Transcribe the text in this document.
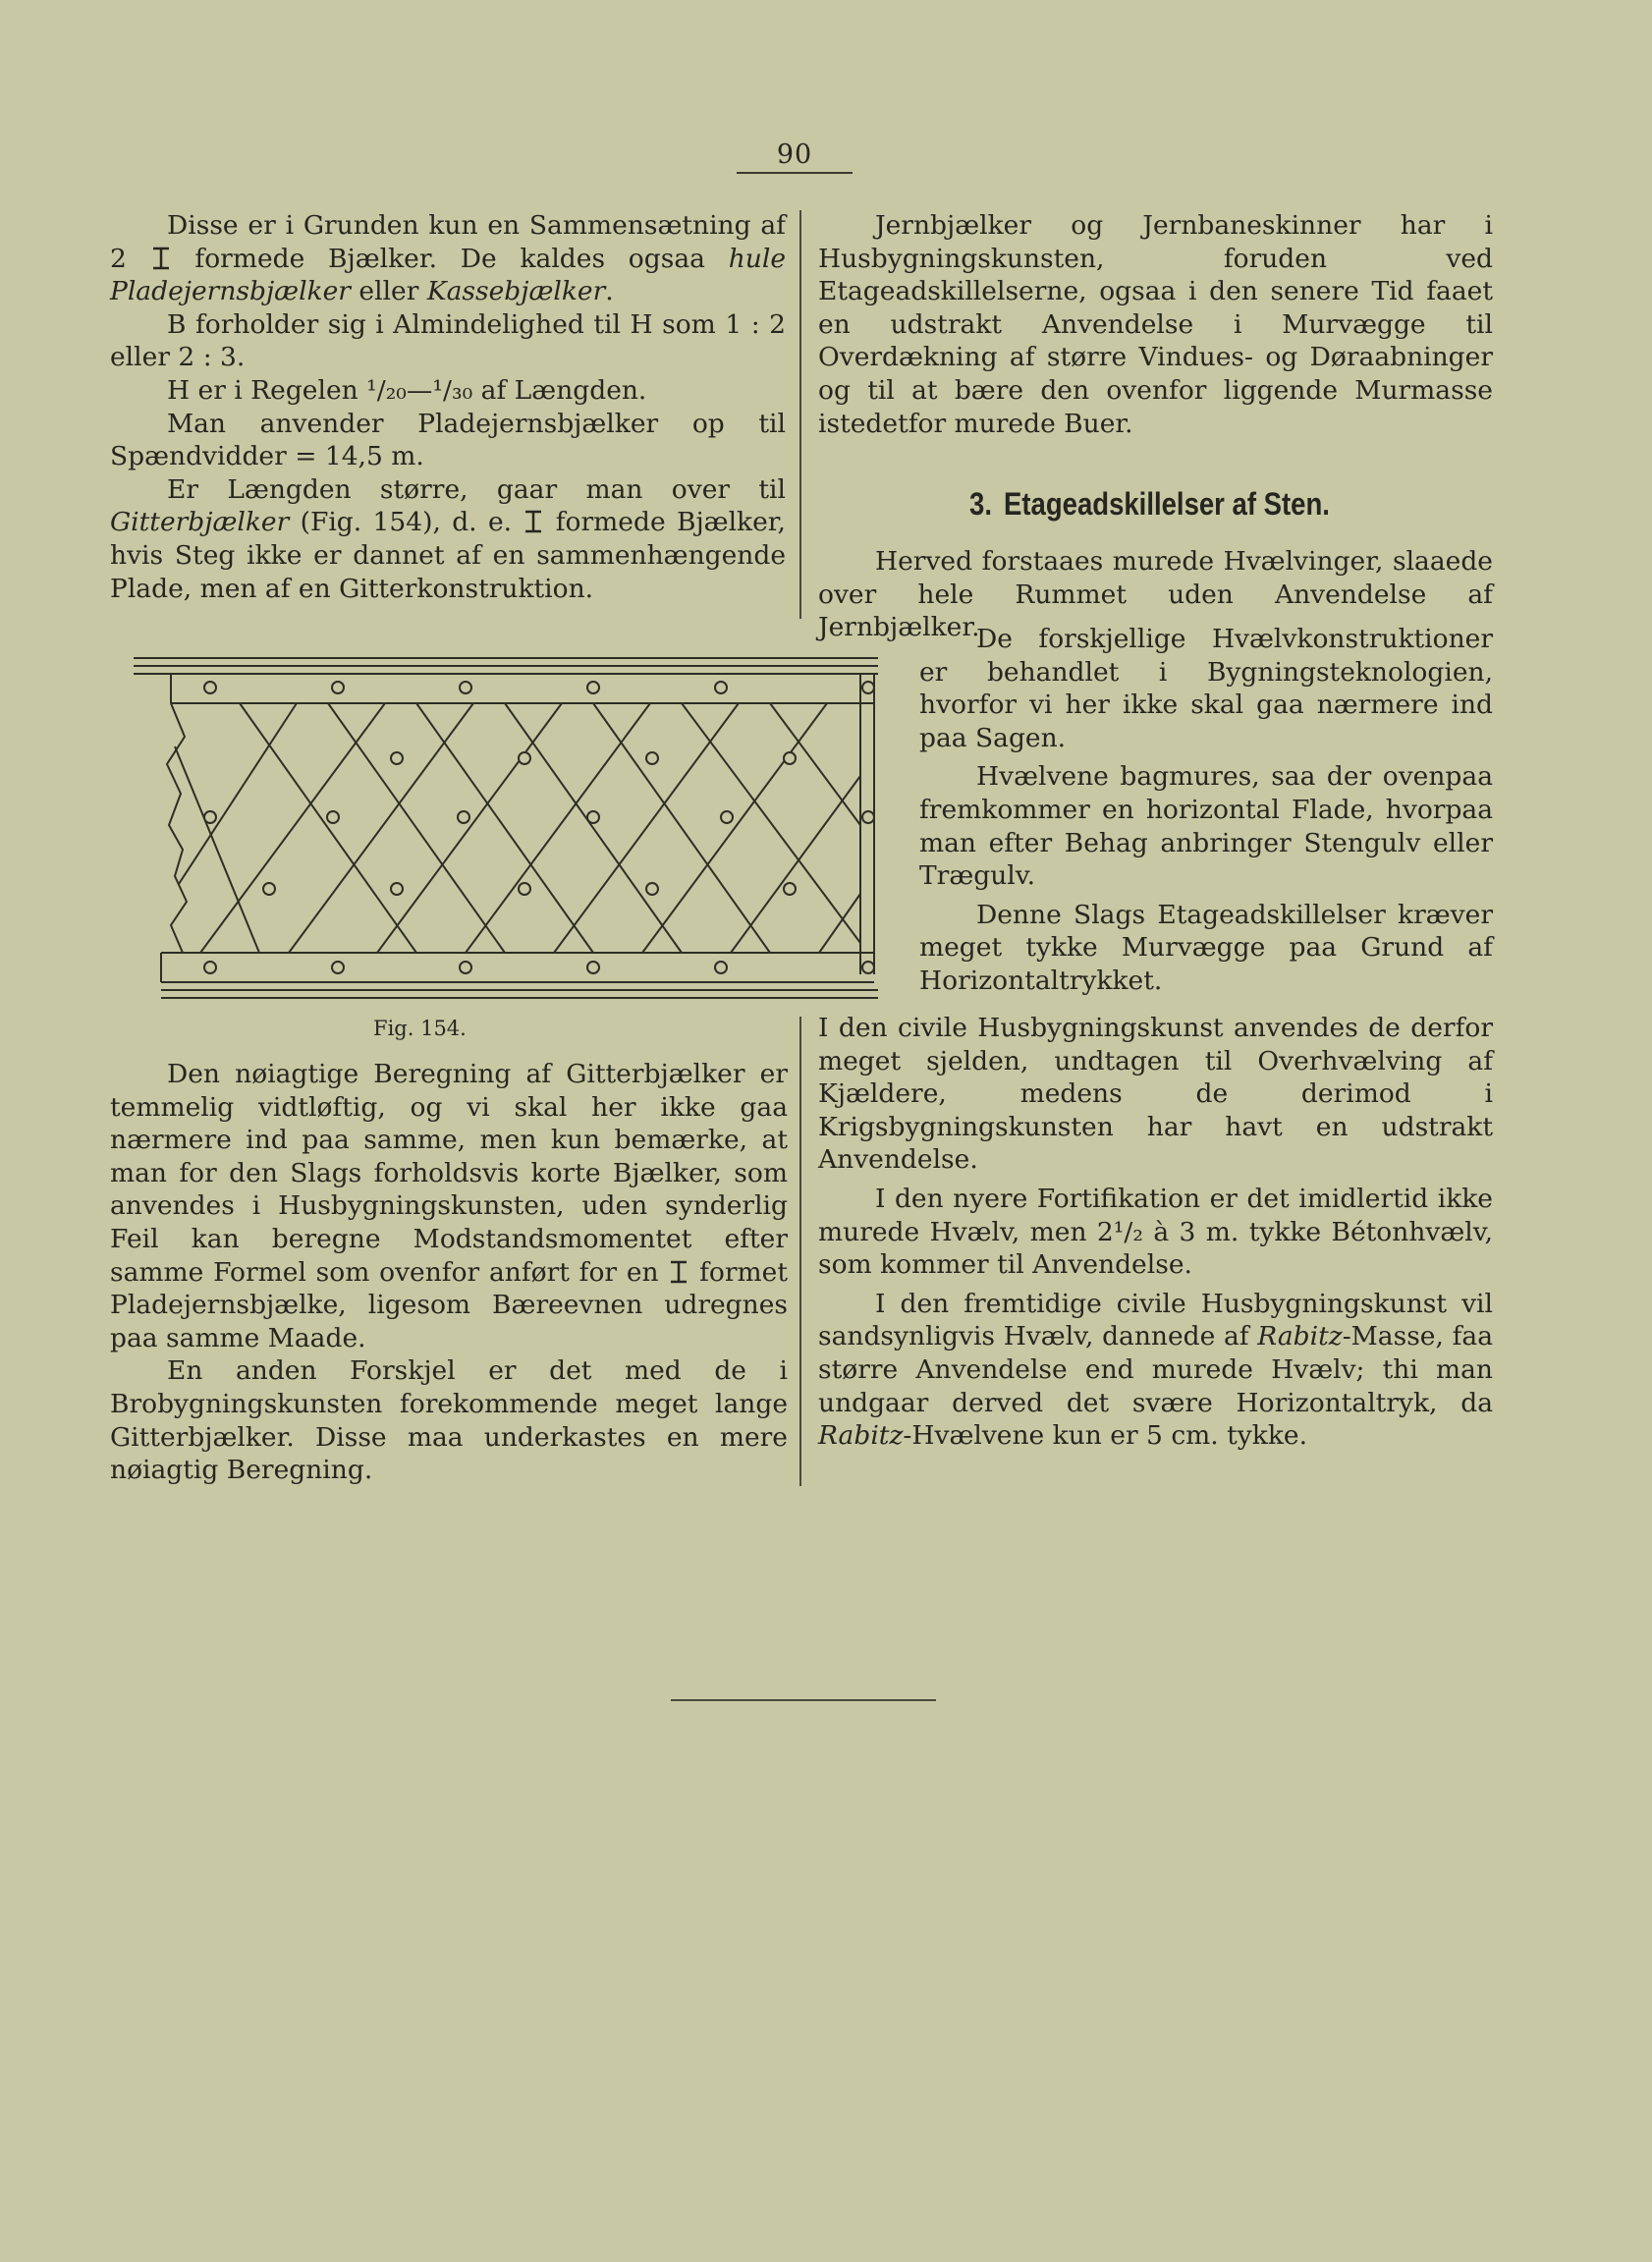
90

Disse er i Grunden kun en Sammensætning af 2	formede Bjælker. De kaldes ogsaa hule Pladejernsbjælker eller Kassebjælker.

B forholder sig i Almindelighed til H som 1 : 2 eller 2 : 3.

H er i Regelen ¹/₂₀—¹/₃₀ af Længden.

Man anvender Pladejernsbjælker op til Spændvidder = 14,5 m.

Er Længden større, gaar man over til Gitterbjælker (Fig. 154), d. e. formede Bjælker, hvis Steg ikke er dannet af en sammenhængende Plade, men af en Gitterkonstruktion.

Fig. 154.

Den nøiagtige Beregning af Gitterbjælker er temmelig vidtløftig, og vi skal her ikke gaa nærmere ind paa samme, men kun bemærke, at man for den Slags forholdsvis korte Bjælker, som anvendes i Husbygningskunsten, uden synderlig Feil kan beregne Modstandsmomentet efter samme Formel som ovenfor anført for en formet Pladejernsbjælke, ligesom Bæreevnen udregnes paa samme Maade.

En anden Forskjel er det med de i Brobygningskunsten forekommende meget lange Gitterbjælker. Disse maa underkastes en mere nøiagtig Beregning.

Jernbjælker og Jernbaneskinner har i Husbygningskunsten, foruden ved Etageadskillelserne, ogsaa i den senere Tid faaet en udstrakt Anvendelse i Murvægge til Overdækning af større Vindues- og Døraabninger og til at bære den ovenfor liggende Murmasse istedetfor murede Buer.

3. Etageadskillelser af Sten.

Herved forstaaes murede Hvælvinger, slaaede over hele Rummet uden Anvendelse af Jernbjælker.

De forskjellige Hvælvkonstruktioner er behandlet i Bygningsteknologien, hvorfor vi her ikke skal gaa nærmere ind paa Sagen.

Hvælvene bagmures, saa der ovenpaa fremkommer en horizontal Flade, hvorpaa man efter Behag anbringer Stengulv eller Trægulv.

Denne Slags Etageadskillelser kræver meget tykke Murvægge paa Grund af Horizontaltrykket.

I den civile Husbygningskunst anvendes de derfor meget sjelden, undtagen til Overhvælving af Kjældere, medens de derimod i Krigsbygningskunsten har havt en udstrakt Anvendelse.

I den nyere Fortifikation er det imidlertid ikke murede Hvælv, men 2¹/₂ à 3 m. tykke Bétonhvælv, som kommer til Anvendelse.

I den fremtidige civile Husbygningskunst vil sandsynligvis Hvælv, dannede af Rabitz-Masse, faa større Anvendelse end murede Hvælv; thi man undgaar derved det svære Horizontaltryk, da Rabitz-Hvælvene kun er 5 cm. tykke.
